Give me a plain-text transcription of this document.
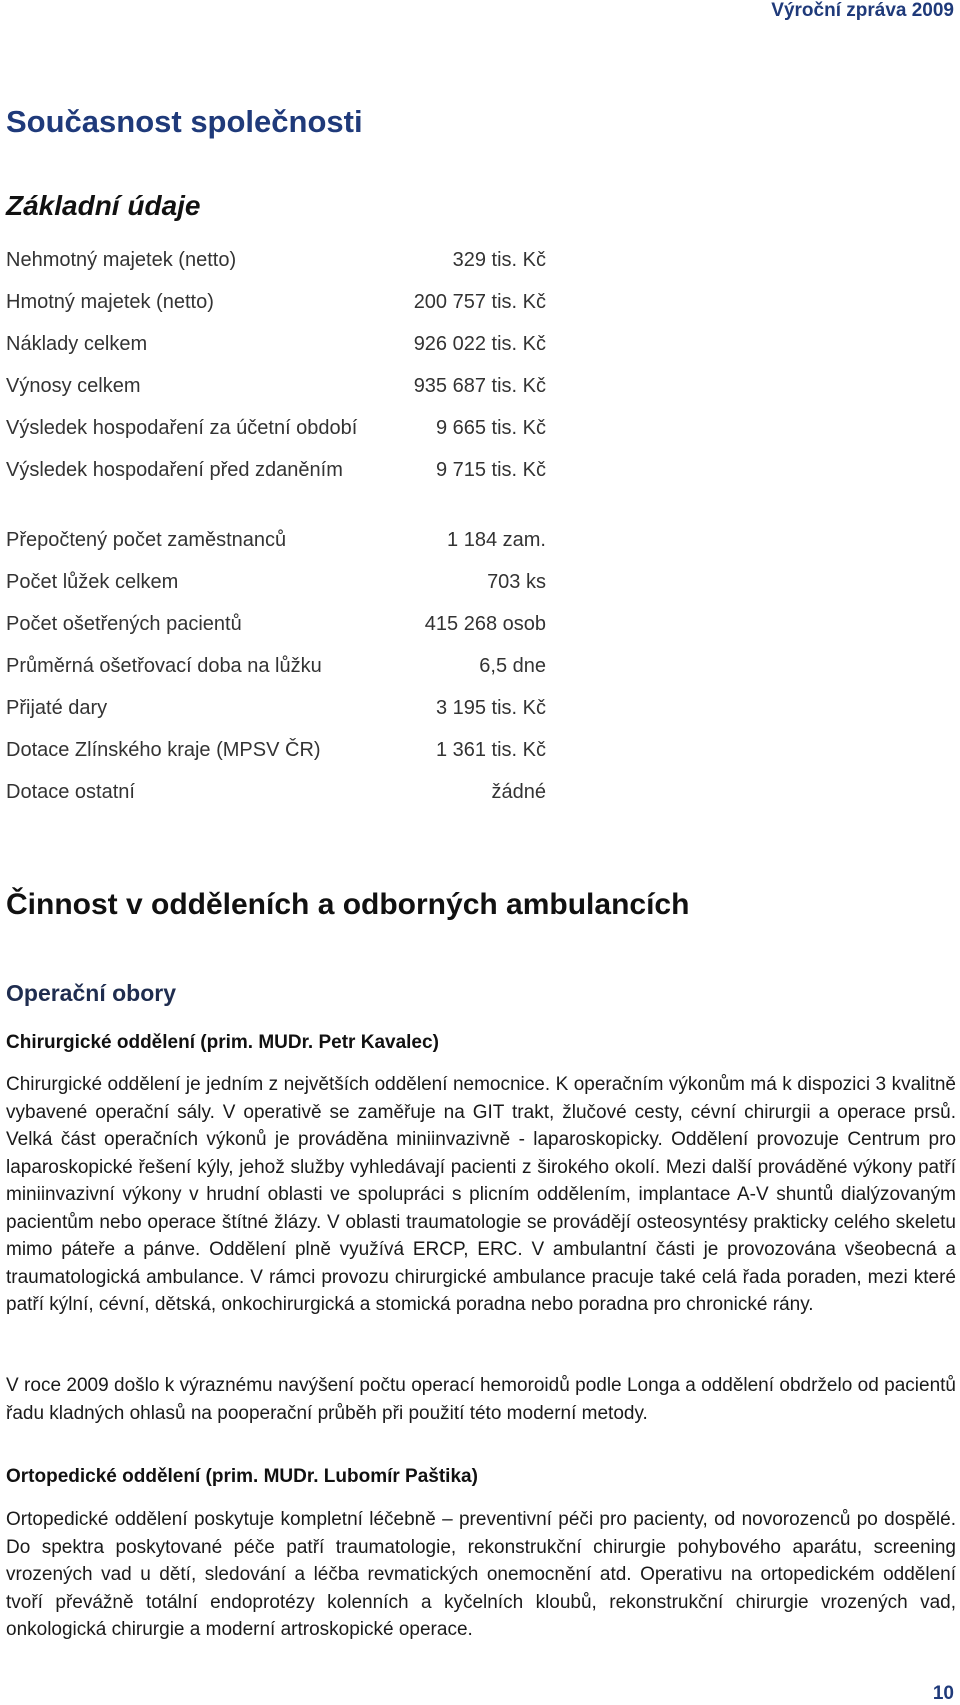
Výroční zpráva 2009
Současnost společnosti
Základní údaje
Nehmotný majetek (netto)	329 tis. Kč
Hmotný majetek (netto)	200 757 tis. Kč
Náklady celkem	926 022 tis. Kč
Výnosy celkem	935 687 tis. Kč
Výsledek hospodaření za účetní období	9 665 tis. Kč
Výsledek hospodaření před zdaněním	9 715 tis. Kč
Přepočtený počet zaměstnanců	1 184 zam.
Počet lůžek celkem	703 ks
Počet ošetřených pacientů	415 268 osob
Průměrná ošetřovací doba na lůžku	6,5 dne
Přijaté dary	3 195 tis. Kč
Dotace Zlínského kraje (MPSV ČR)	1 361 tis. Kč
Dotace ostatní	žádné
Činnost v odděleních a odborných ambulancích
Operační obory
Chirurgické oddělení (prim. MUDr. Petr Kavalec)

Chirurgické oddělení je jedním z největších oddělení nemocnice. K operačním výkonům má k dispozici 3 kvalitně vybavené operační sály. V operativě se zaměřuje na GIT trakt, žlučové cesty, cévní chirurgii a operace prsů. Velká část operačních výkonů je prováděna miniinvazivně - laparoskopicky. Oddělení provozuje Centrum pro laparoskopické řešení kýly, jehož služby vyhledávají pacienti z širokého okolí. Mezi další prováděné výkony patří miniinvazivní výkony v hrudní oblasti ve spolupráci s plicním oddělením, implantace A-V shuntů dialýzovaným pacientům nebo operace štítné žlázy. V oblasti traumatologie se provádějí osteosyntésy prakticky celého skeletu mimo páteře a pánve. Oddělení plně využívá ERCP, ERC. V ambulantní části je provozována všeobecná a traumatologická ambulance. V rámci provozu chirurgické ambulance pracuje také celá řada poraden, mezi které patří kýlní, cévní, dětská, onkochirurgická a stomická poradna nebo poradna pro chronické rány.

V roce 2009 došlo k výraznému navýšení počtu operací hemoroidů podle Longa a oddělení obdrželo od pacientů řadu kladných ohlasů na pooperační průběh při použití této moderní metody.

Ortopedické oddělení (prim. MUDr. Lubomír Paštika)

Ortopedické oddělení poskytuje kompletní léčebně – preventivní péči pro pacienty, od novorozenců po dospělé. Do spektra poskytované péče patří traumatologie, rekonstrukční chirurgie pohybového aparátu, screening vrozených vad u dětí, sledování a léčba revmatických onemocnění atd. Operativu na ortopedickém oddělení tvoří převážně totální endoprotézy kolenních a kyčelních kloubů, rekonstrukční chirurgie vrozených vad, onkologická chirurgie a moderní artroskopické operace.

10
